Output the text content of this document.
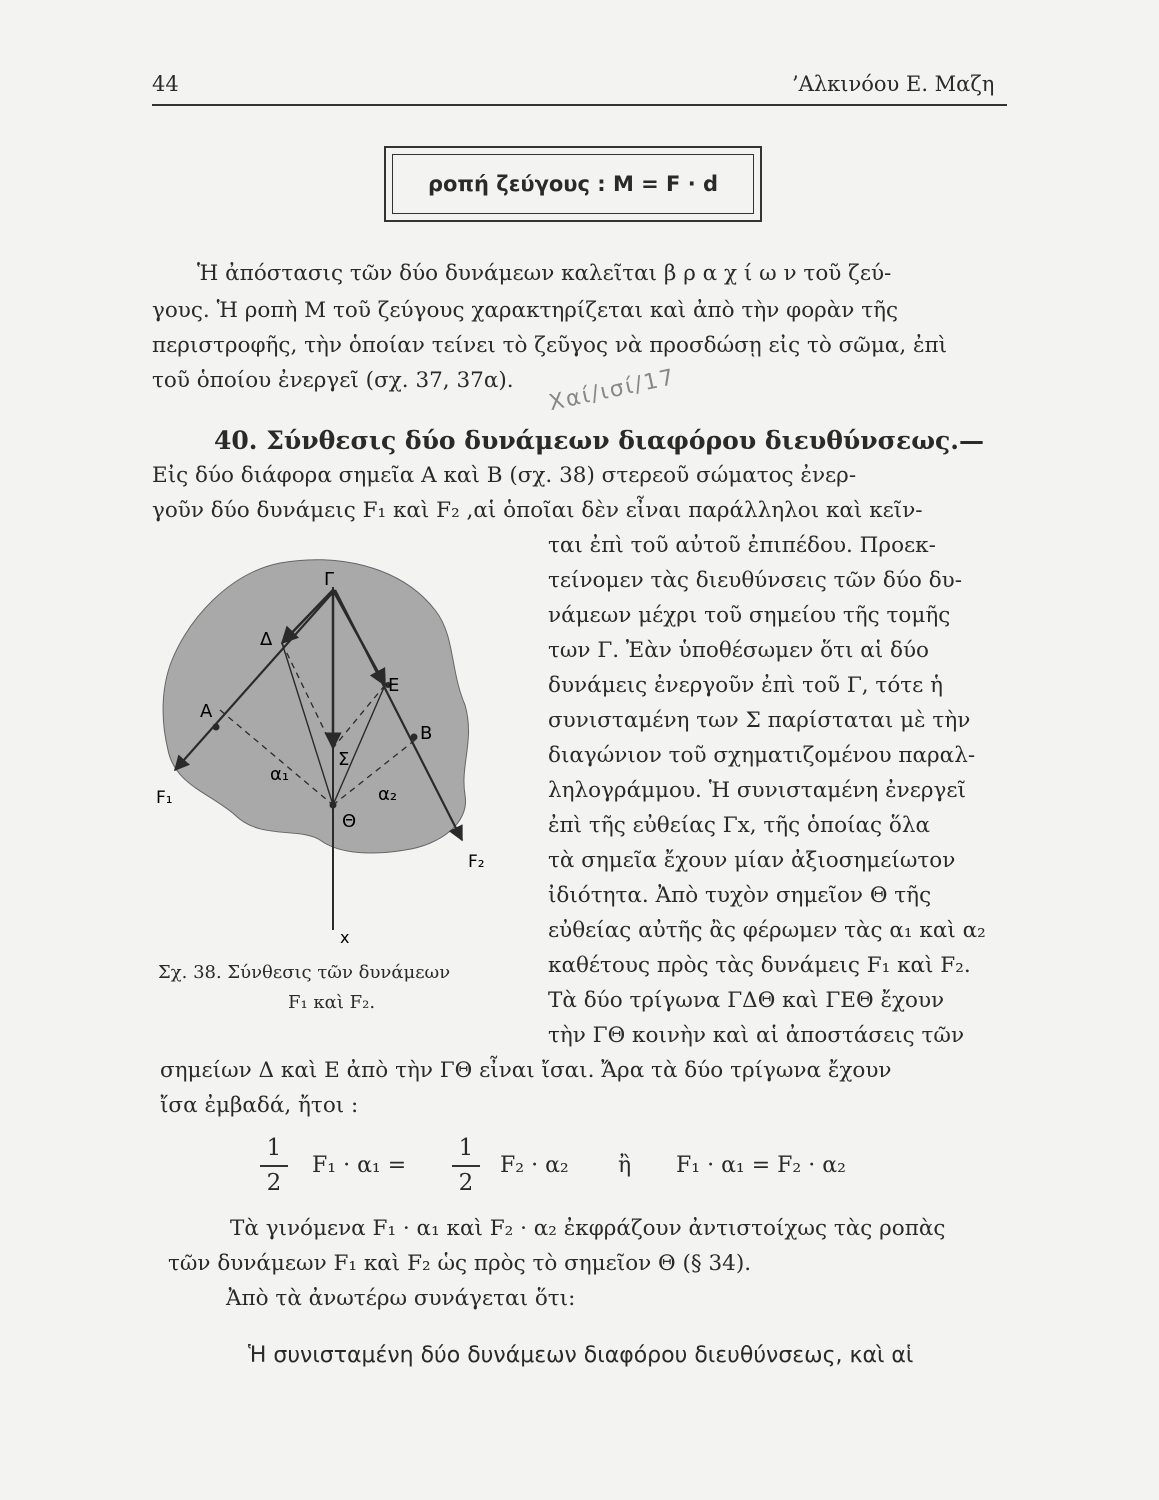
44	’Αλκινόου Ε. Μαζη
ροπή ζεύγους : M = F · d
Ἡ ἀπόστασις τῶν δύο δυνάμεων καλεῖται β ρ α χ ί ω ν τοῦ ζεύ-
γους. Ἡ ροπὴ Μ τοῦ ζεύγους χαρακτηρίζεται καὶ ἀπὸ τὴν φορὰν τῆς
περιστροφῆς, τὴν ὁποίαν τείνει τὸ ζεῦγος νὰ προσδώσῃ εἰς τὸ σῶμα, ἐπὶ
τοῦ ὁποίου ἐνεργεῖ (σχ. 37, 37α). Χαί/ισί/17
40. Σύνθεσις δύο δυνάμεων διαφόρου διευθύνσεως.—
Εἰς δύο διάφορα σημεῖα Α καὶ Β (σχ. 38) στερεοῦ σώματος ἐνερ-
γοῦν δύο δυνάμεις F₁ καὶ F₂ ,αἱ ὁποῖαι δὲν εἶναι παράλληλοι καὶ κεῖν-
ται ἐπὶ τοῦ αὐτοῦ ἐπιπέδου. Προεκ-
τείνομεν τὰς διευθύνσεις τῶν δύο δυ-
νάμεων μέχρι τοῦ σημείου τῆς τομῆς
των Γ. Ἐὰν ὑποθέσωμεν ὅτι αἱ δύο
δυνάμεις ἐνεργοῦν ἐπὶ τοῦ Γ, τότε ἡ
συνισταμένη των Σ παρίσταται μὲ τὴν
διαγώνιον τοῦ σχηματιζομένου παραλ-
ληλογράμμου. Ἡ συνισταμένη ἐνεργεῖ
ἐπὶ τῆς εὐθείας Γx, τῆς ὁποίας ὅλα
τὰ σημεῖα ἔχουν μίαν ἀξιοσημείωτον
ἰδιότητα. Ἀπὸ τυχὸν σημεῖον Θ τῆς
εὐθείας αὐτῆς ἂς φέρωμεν τὰς α₁ καὶ α₂
καθέτους πρὸς τὰς δυνάμεις F₁ καὶ F₂.
Τὰ δύο τρίγωνα ΓΔΘ καὶ ΓΕΘ ἔχουν
τὴν ΓΘ κοινὴν καὶ αἱ ἀποστάσεις τῶν
σημείων Δ καὶ Ε ἀπὸ τὴν ΓΘ εἶναι ἴσαι. Ἄρα τὰ δύο τρίγωνα ἔχουν
ἴσα ἐμβαδά, ἤτοι :
Γ
Δ
Ε
Α
Β
Σ
Θ
α₁
α₂
F₁
F₂
x
Σχ. 38. Σύνθεσις τῶν δυνάμεων
F₁ καὶ F₂.
1
2
F₁ · α₁ =
1
2
F₂ · α₂ ἢ F₁ · α₁ = F₂ · α₂
Τὰ γινόμενα F₁ · α₁ καὶ F₂ · α₂ ἐκφράζουν ἀντιστοίχως τὰς ροπὰς
τῶν δυνάμεων F₁ καὶ F₂ ὡς πρὸς τὸ σημεῖον Θ (§ 34).
Ἀπὸ τὰ ἀνωτέρω συνάγεται ὅτι:
Ἡ συνισταμένη δύο δυνάμεων διαφόρου διευθύνσεως, καὶ αἱ
